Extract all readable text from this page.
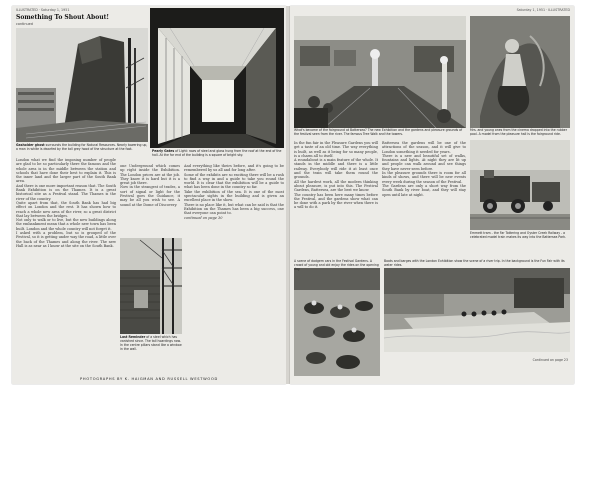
ILLUSTRATED · Saturday 1, 1951
Something To Shout About!
continued
Gasholder ghost surrounds the building for Natural Resources. Nearly towering up, a man in white is dwarfed by the tall grey hood of the structure at the foot.
Pearly Gates of Light: rows of steel and glass hung from the roof at the end of the hall. At the far end of the building is a square of bright sky.

London what we find the imposing number of people are glad to be so particularly there the famous and the whole area is in the middle between the station and schools that have done their best to explain it. This is the inner land and the larger part of the South Bank area.

And there is one more important reason that. The South Bank Exhibition is on the Thames. It is a great historical site as a Festival stand. The Thames is the river of the country.

Quite apart from that, the South Bank has had big effect on London and the rest. It has shown how to reach a whole new area of the river, so a great district that lay between the bridges.

Not only to walk or to live, but the new buildings along the embankment mean that a whole new town has been built. London and the whole country will not forget it.

I asked with a problem, but so is grouped of the Festival, so it is getting under way the road, a little over the back of the Thames and along the river. The new Hall is as near as I know at the site on the South Bank.

one Underground which comes up right inside the Exhibition. The London prices are at the job. They know it is hard but it is a great job there.

Now in the strangest of trades, a sort of signal or light for the Festival goes the Guidance, it may be all you wish to see. A sound at the Dome of Discovery.

And everything like theirs before, and it's going to be remembered by us all and for long after.

Some of the exhibits are so exciting there will be a rush to find a way in and a guide to take you round the world. It is clear that the exhibition will be a guide to what has been done in the country so far.

Take the exhibition of the sea. It is one of the most spectacular sights in the building and is given an excellent place in the show.

There is no place like it, but what can be said is that the Exhibition on the Thames has been a big success, one that everyone can point to.

continued on page 30

Last Reminder of a steel which has vanished since. The tall hoardings now. In the centre pillars stand like a window in the wall.
PHOTOGRAPHS BY K. HAIGMAN AND RUSSELL WESTWOOD
Saturday 1, 1951 · ILLUSTRATED
What's become of the fairground at Battersea? The new Exhibition and the gardens and pleasure grounds of the festival seen from the river. The famous Tree Walk and the towers.
Mrs. and young ones from the cinema dropped into the rubber pool. A model from the pleasure hall is the fairground ride.

In the fun fair in the Pleasure Gardens you will get a taste of an old time. The way everything is built, as well as it being for so many people, is a charm all to itself.

A roundabout is a main feature of the whole. It stands in the middle and there is a little railway. Everybody will ride it at least once and the train will take them round the grounds.

All the hardest work, all the modern thinking about pleasure, is put into this. The Festival Gardens, Battersea, are the best we know.

The country has been here many times before the Festival, and the gardens show what can be done with a park by the river when there is a will to do it.

Battersea the gardens will be one of the attractions of the season, and it will give to London something it needed for years.

There is a new and beautiful set of walks, fountains and lights. At night they are lit up and people can walk around and see things they have never seen before.

In the pleasure grounds there is room for all kinds of shows, and there will be new events every week during the season of the Festival.

The Gardens are only a short way from the South Bank by river boat, and they will stay open until late at night.

Emmett tram - the Far Tottering and Oyster Creek Railway - a celebrated model train makes its way into the Battersea Park.
A scene of dodgem cars in the Festival Gardens. A crowd of young and old enjoy the rides on the opening day.
Boats and barges with the London Exhibition show the scene of a river trip. In the background is the Fun Fair with its water rides.
Continued on page 23
